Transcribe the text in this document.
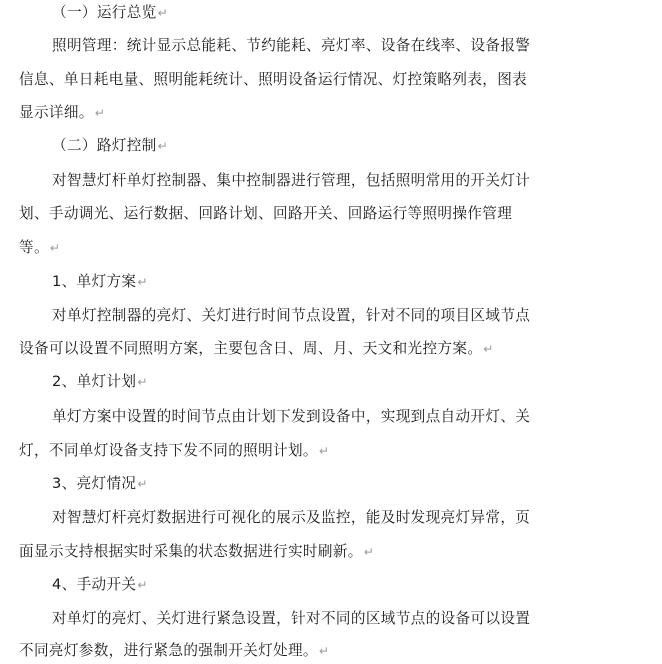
（一）运行总览↵
照明管理：统计显示总能耗、节约能耗、亮灯率、设备在线率、设备报警
信息、单日耗电量、照明能耗统计、照明设备运行情况、灯控策略列表，图表
显示详细。↵
（二）路灯控制↵
对智慧灯杆单灯控制器、集中控制器进行管理，包括照明常用的开关灯计
划、手动调光、运行数据、回路计划、回路开关、回路运行等照明操作管理
等。↵
1、单灯方案↵
对单灯控制器的亮灯、关灯进行时间节点设置，针对不同的项目区域节点
设备可以设置不同照明方案，主要包含日、周、月、天文和光控方案。↵
2、单灯计划↵
单灯方案中设置的时间节点由计划下发到设备中，实现到点自动开灯、关
灯，不同单灯设备支持下发不同的照明计划。↵
3、亮灯情况↵
对智慧灯杆亮灯数据进行可视化的展示及监控，能及时发现亮灯异常，页
面显示支持根据实时采集的状态数据进行实时刷新。↵
4、手动开关↵
对单灯的亮灯、关灯进行紧急设置，针对不同的区域节点的设备可以设置
不同亮灯参数，进行紧急的强制开关灯处理。↵
